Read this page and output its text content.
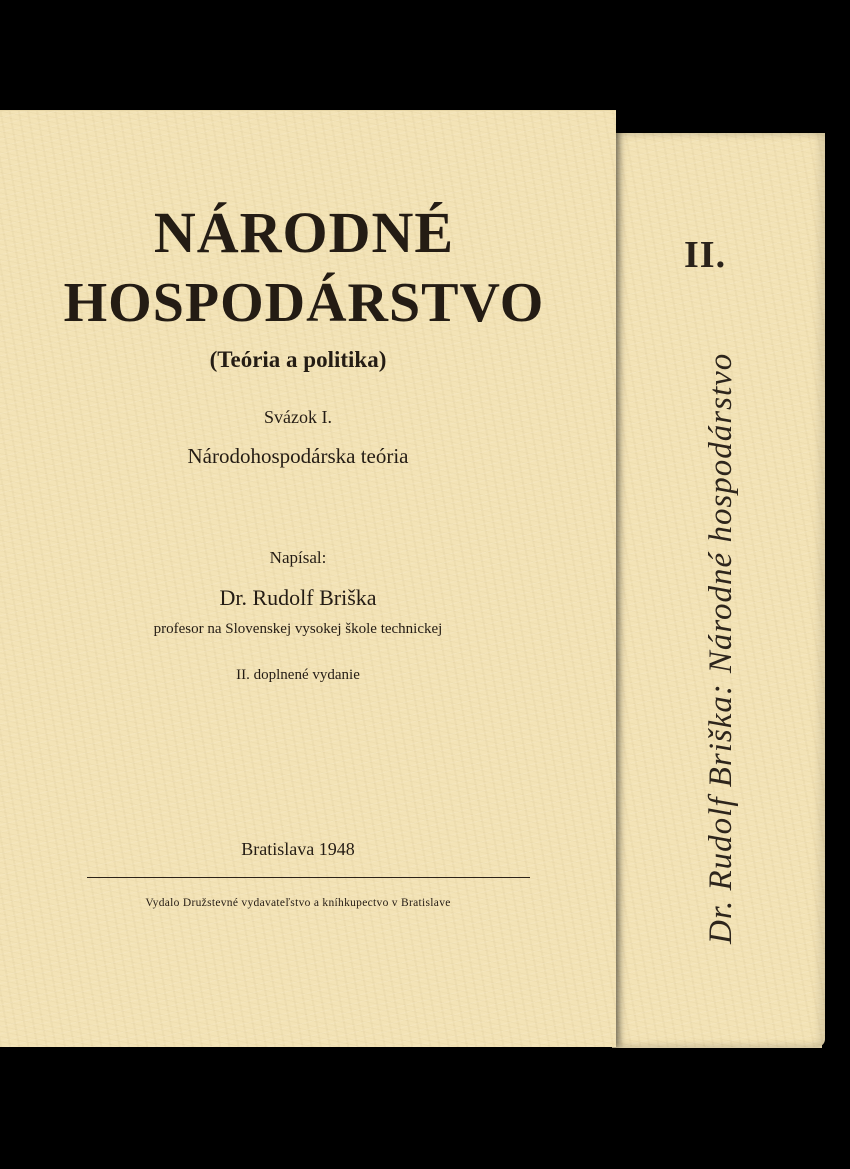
NÁRODNÉ
HOSPODÁRSTVO
(Teória a politika)
Svázok I.
Národohospodárska teória
Napísal:
Dr. Rudolf Briška
profesor na Slovenskej vysokej škole technickej
II. doplnené vydanie
Bratislava 1948
Vydalo Družstevné vydavateľstvo a kníhkupectvo v Bratislave
II.
Dr. Rudolf Briška:Národné hospodárstvo
